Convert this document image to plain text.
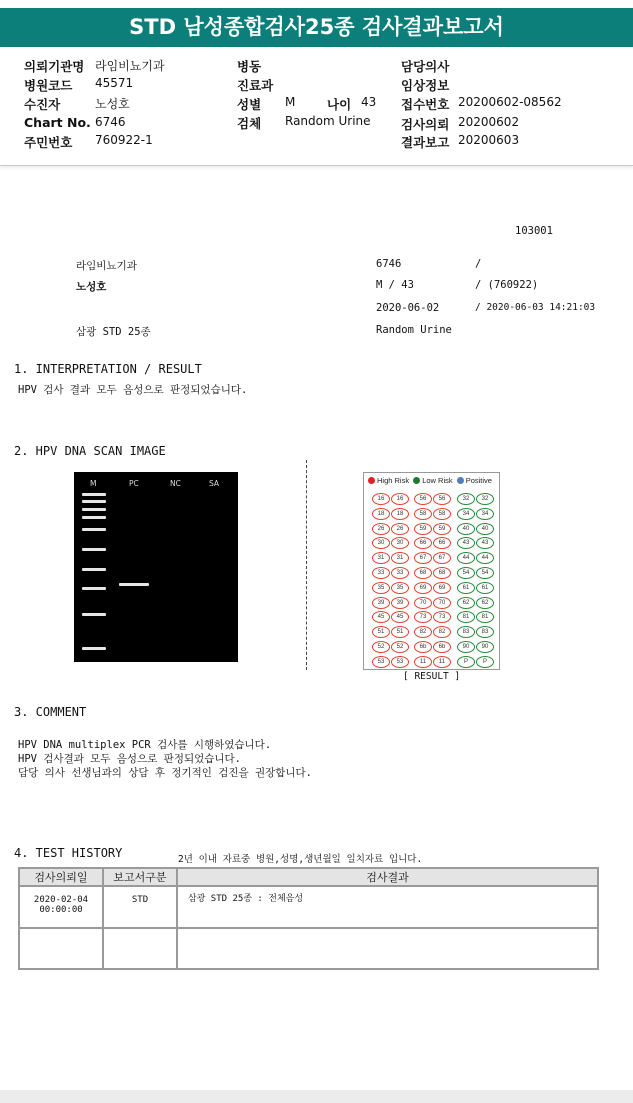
STD 남성종합검사25종 검사결과보고서
의뢰기관명 라임비뇨기과
병원코드 45571
수진자	노성호
Chart No. 6746
주민번호 760922-1
병동
진료과
성별 M	나이 43
검체 Random Urine
담당의사
임상정보
접수번호 20200602-08562
검사의뢰 20200602
결과보고 20200603
103001
라임비뇨기과	6746	/
노성호	M / 43	/ (760922)
2020-06-02	/ 2020-06-03 14:21:03
삼광 STD 25종	Random Urine
1. INTERPRETATION / RESULT
HPV 검사 결과 모두 음성으로 판정되었습니다.
2. HPV DNA SCAN IMAGE
M	PC	NC	SA	High Risk Low Risk Positive
16	16	56	56	32	32
18	18	58	58	34	34
26	26	59	59	40	40
30	30	66	66	43	43
31	31	67	67	44	44
33	33	68	68	54	54
35	35	69	69	61	61
39	39	70	70	62	62
45	45	73	73	81	81
51	51	82	82	83	83
52	52	6b	6b	90	90
53	53	11	11	P	P
[ RESULT ]
3. COMMENT
HPV DNA multiplex PCR 검사를 시행하였습니다.
HPV 검사결과 모두 음성으로 판정되었습니다.
담당 의사 선생님과의 상담 후 정기적인 검진을 권장합니다.
4. TEST HISTORY	2년 이내 자료중 병원,성명,생년월일 일치자료 입니다.
검사의뢰일	보고서구분	검사결과

2020-02-04
00:00:00	STD	삼광 STD 25종 : 전체음성
